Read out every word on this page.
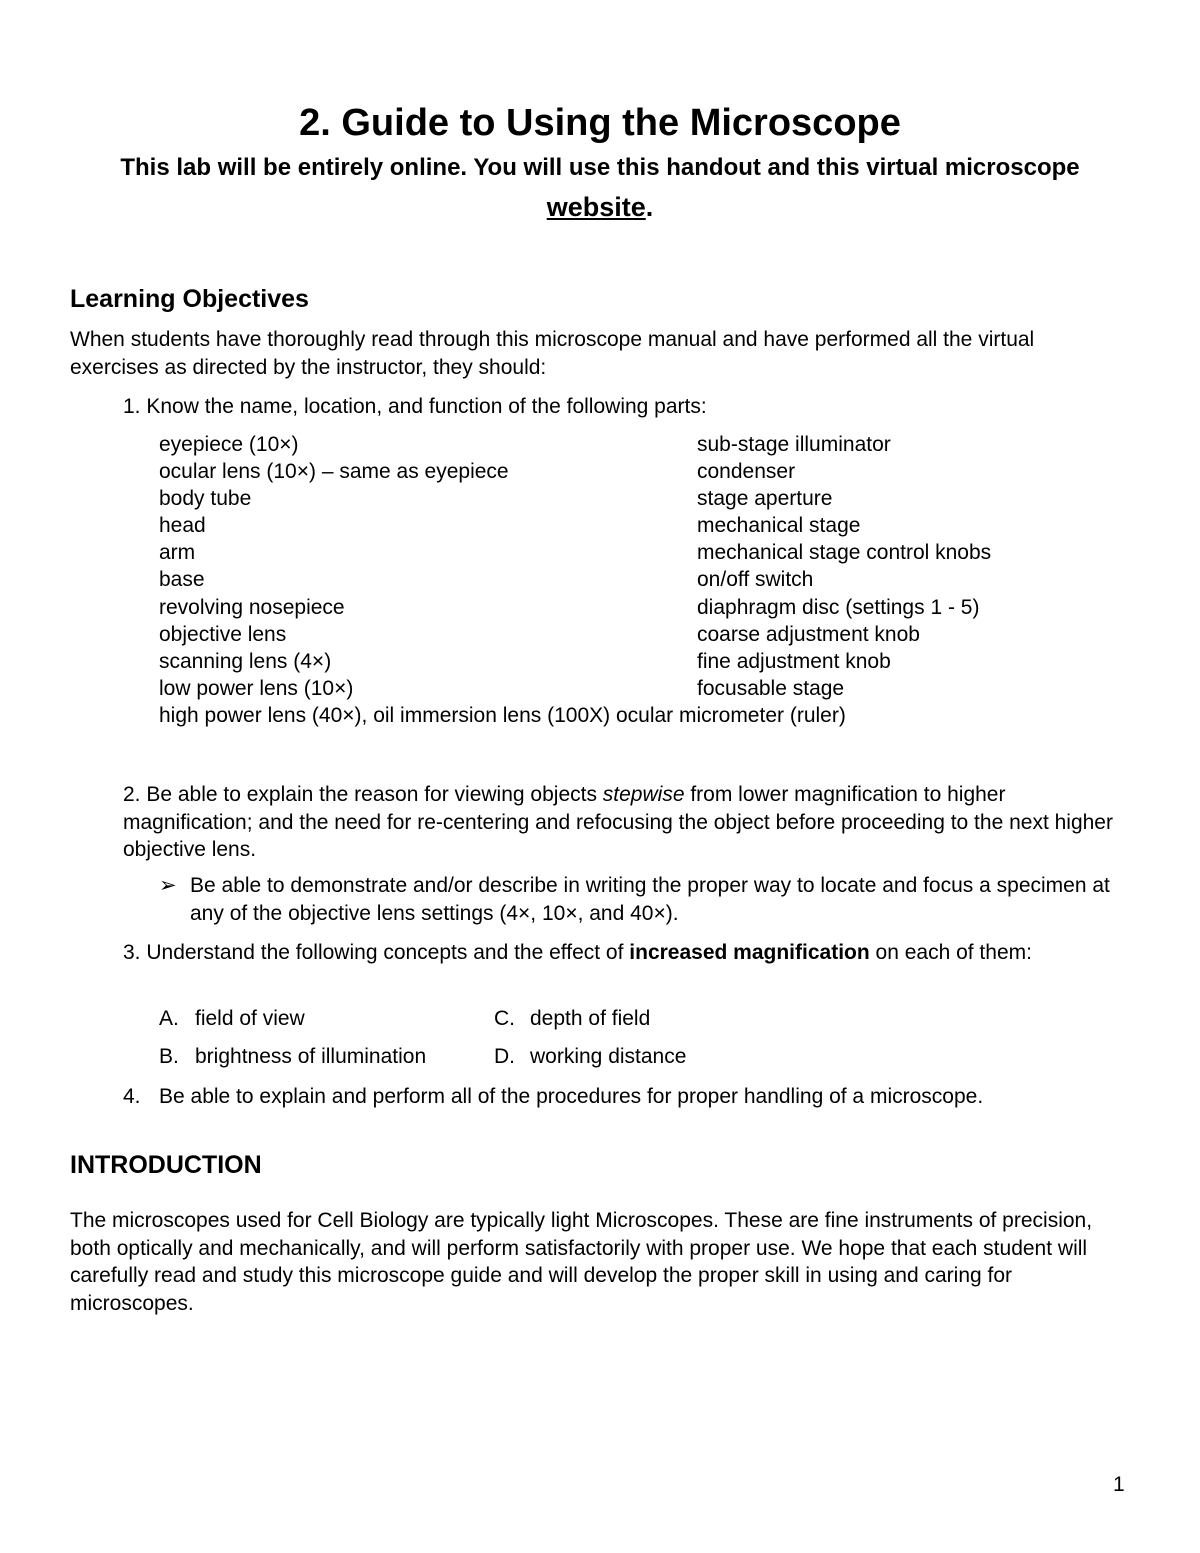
2. Guide to Using the Microscope
This lab will be entirely online. You will use this handout and this virtual microscope
website.
Learning Objectives

When students have thoroughly read through this microscope manual and have performed all the virtual exercises as directed by the instructor, they should:

1. Know the name, location, and function of the following parts:

eyepiece (10×)
ocular lens (10×) – same as eyepiece
body tube
head
arm
base
revolving nosepiece
objective lens
scanning lens (4×)
low power lens (10×)
sub-stage illuminator
condenser
stage aperture
mechanical stage
mechanical stage control knobs
on/off switch
diaphragm disc (settings 1 - 5)
coarse adjustment knob
fine adjustment knob
focusable stage
high power lens (40×), oil immersion lens (100X) ocular micrometer (ruler)

2. Be able to explain the reason for viewing objects stepwise from lower magnification to higher magnification; and the need for re-centering and refocusing the object before proceeding to the next higher objective lens.

➢ Be able to demonstrate and/or describe in writing the proper way to locate and focus a specimen at any of the objective lens settings (4×, 10×, and 40×).

3. Understand the following concepts and the effect of increased magnification on each of them:

A. field of view	C. depth of field
B. brightness of illumination	D. working distance
4. Be able to explain and perform all of the procedures for proper handling of a microscope.
INTRODUCTION

The microscopes used for Cell Biology are typically light Microscopes. These are fine instruments of precision, both optically and mechanically, and will perform satisfactorily with proper use. We hope that each student will carefully read and study this microscope guide and will develop the proper skill in using and caring for microscopes.

1
